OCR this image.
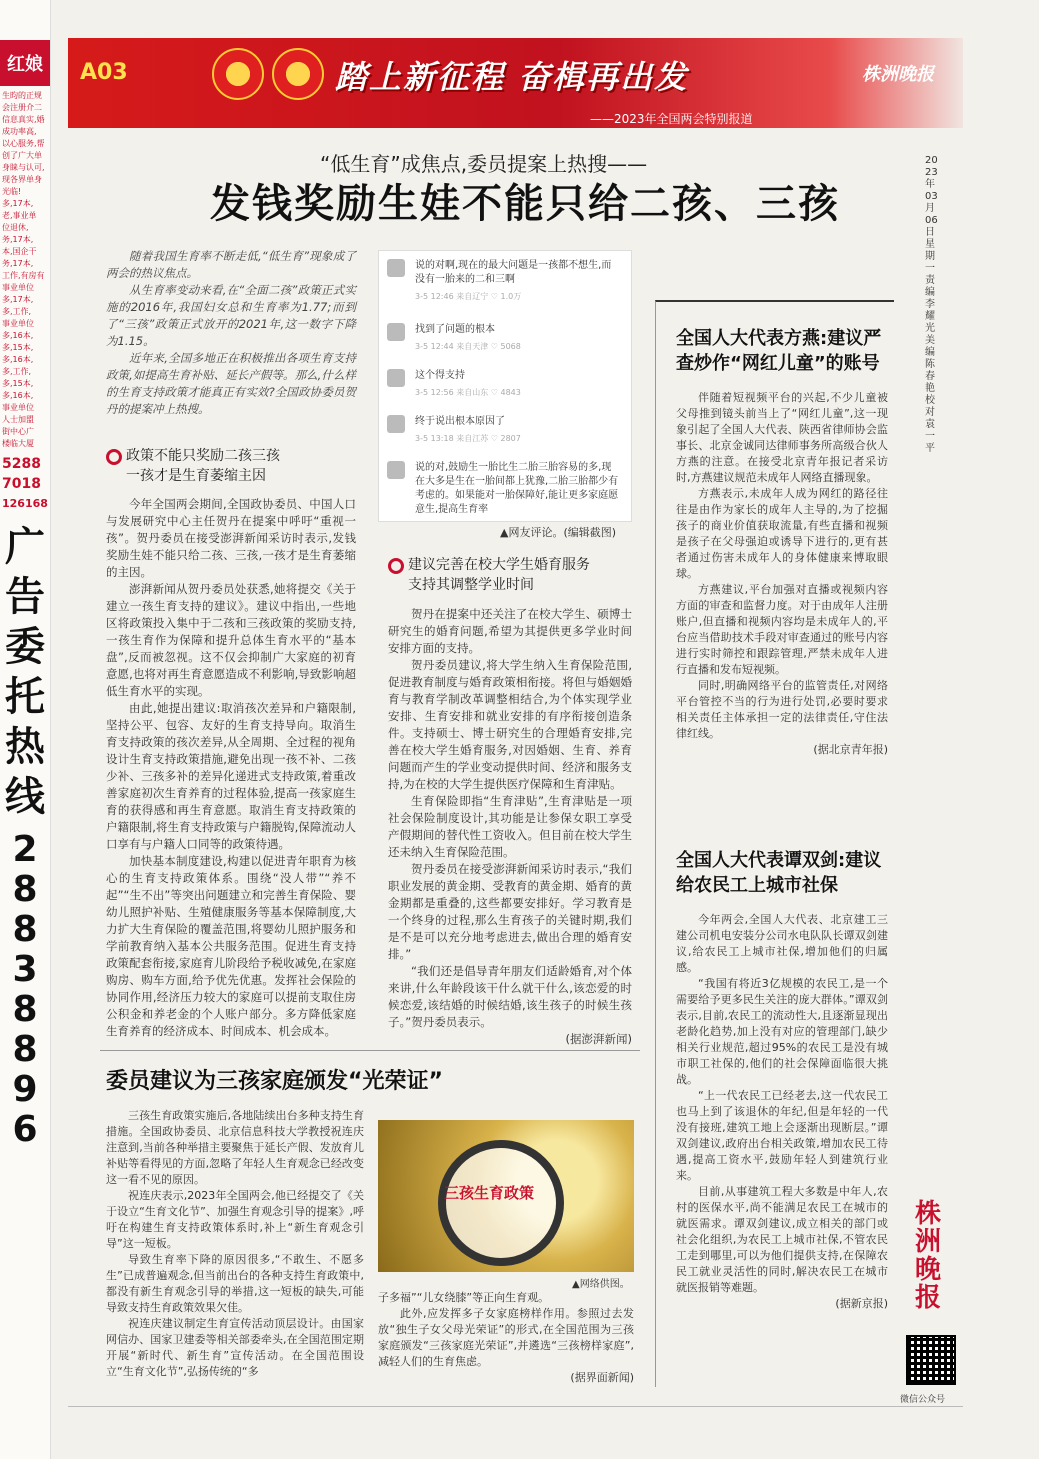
红娘
生昀的正规
会注册介二
信息真实,婚
成功率高,
以心服务,帮
创了广大单
身睐与认可,
现各界单身
光临!
多,17本,
老,事业单
位退休,
务,17本,
本,国企干
务,17本,
工作,有房有
事业单位
多,17本,
多,工作,
事业单位
多,16本,
多,15本,
多,16本,
多,工作,
多,15本,
多,16本,
事业单位
人士加盟
街中心广
楼临大厦
5288
7018
126168
广告委托热线
28838896
A03	踏上新征程 奋楫再出发
——2023年全国两会特别报道
株洲晚报
“低生育”成焦点,委员提案上热搜——
发钱奖励生娃不能只给二孩、三孩
2023年03月06日 星期一 责编李耀光 美编陈春艳 校对袁一平

随着我国生育率不断走低,“低生育”现象成了两会的热议焦点。

从生育率变动来看,在“全面二孩”政策正式实施的2016年,我国妇女总和生育率为1.77;而到了“三孩”政策正式放开的2021年,这一数字下降为1.15。

近年来,全国多地正在积极推出各项生育支持政策,如提高生育补贴、延长产假等。那么,什么样的生育支持政策才能真正有实效?全国政协委员贺丹的提案冲上热搜。

政策不能只奖励二孩三孩
一孩才是生育萎缩主因

今年全国两会期间,全国政协委员、中国人口与发展研究中心主任贺丹在提案中呼吁“重视一孩”。贺丹委员在接受澎湃新闻采访时表示,发钱奖励生娃不能只给二孩、三孩,一孩才是生育萎缩的主因。

澎湃新闻从贺丹委员处获悉,她将提交《关于建立一孩生育支持的建议》。建议中指出,一些地区将政策投入集中于二孩和三孩政策的奖励支持,一孩生育作为保障和提升总体生育水平的“基本盘”,反而被忽视。这不仅会抑制广大家庭的初育意愿,也将对再生育意愿造成不利影响,导致影响超低生育水平的实现。

由此,她提出建议:取消孩次差异和户籍限制,坚持公平、包容、友好的生育支持导向。取消生育支持政策的孩次差异,从全周期、全过程的视角设计生育支持政策措施,避免出现一孩不补、二孩少补、三孩多补的差异化递进式支持政策,着重改善家庭初次生育养育的过程体验,提高一孩家庭生育的获得感和再生育意愿。取消生育支持政策的户籍限制,将生育支持政策与户籍脱钩,保障流动人口享有与户籍人口同等的政策待遇。

加快基本制度建设,构建以促进青年职育为核心的生育支持政策体系。围绕“没人带”“养不起”“生不出”等突出问题建立和完善生育保险、婴幼儿照护补贴、生殖健康服务等基本保障制度,大力扩大生育保险的覆盖范围,将婴幼儿照护服务和学前教育纳入基本公共服务范围。促进生育支持政策配套衔接,家庭育儿阶段给予税收减免,在家庭购房、购车方面,给予优先优惠。发挥社会保险的协同作用,经济压力较大的家庭可以提前支取住房公积金和养老金的个人账户部分。多方降低家庭生育养育的经济成本、时间成本、机会成本。

说的对啊,现在的最大问题是一孩都不想生,而没有一胎来的二和三啊
3-5 12:46 来自辽宁 ♡ 1.0万
找到了问题的根本
3-5 12:44 来自天津 ♡ 5068
这个得支持
3-5 12:56 来自山东 ♡ 4843
终于说出根本原因了
3-5 13:18 来自江苏 ♡ 2807
说的对,鼓励生一胎比生二胎三胎容易的多,现在大多是生在一胎间都上犹豫,二胎三胎都少有考虑的。如果能对一胎保障好,能让更多家庭愿意生,提高生育率
▲网友评论。(编辑截图)
建议完善在校大学生婚育服务
支持其调整学业时间

贺丹在提案中还关注了在校大学生、硕博士研究生的婚育问题,希望为其提供更多学业时间安排方面的支持。

贺丹委员建议,将大学生纳入生育保险范围,促进教育制度与婚育政策相衔接。将但与婚姻婚育与教育学制改革调整相结合,为个体实现学业安排、生育安排和就业安排的有序衔接创造条件。支持硕士、博士研究生的合理婚育安排,完善在校大学生婚育服务,对因婚姻、生育、养育问题而产生的学业变动提供时间、经济和服务支持,为在校的大学生提供医疗保障和生育津贴。

生育保险即指“生育津贴”,生育津贴是一项社会保险制度设计,其功能是让参保女职工享受产假期间的替代性工资收入。但目前在校大学生还未纳入生育保险范围。

贺丹委员在接受澎湃新闻采访时表示,“我们职业发展的黄金期、受教育的黄金期、婚育的黄金期都是重叠的,这些都要安排好。学习教育是一个终身的过程,那么生育孩子的关键时期,我们是不是可以充分地考虑进去,做出合理的婚育安排。”

“我们还是倡导青年朋友们适龄婚育,对个体来讲,什么年龄段该干什么就干什么,该恋爱的时候恋爱,该结婚的时候结婚,该生孩子的时候生孩子。”贺丹委员表示。

(据澎湃新闻)
全国人大代表方燕:建议严查炒作“网红儿童”的账号

伴随着短视频平台的兴起,不少儿童被父母推到镜头前当上了“网红儿童”,这一现象引起了全国人大代表、陕西省律师协会监事长、北京金诚同达律师事务所高级合伙人方燕的注意。在接受北京青年报记者采访时,方燕建议规范未成年人网络直播现象。

方燕表示,未成年人成为网红的路径往往是由作为家长的成年人主导的,为了挖掘孩子的商业价值获取流量,有些直播和视频是孩子在父母强迫或诱导下进行的,更有甚者通过伤害未成年人的身体健康来博取眼球。

方燕建议,平台加强对直播或视频内容方面的审查和监督力度。对于由成年人注册账户,但直播和视频内容均是未成年人的,平台应当借助技术手段对审查通过的账号内容进行实时筛控和跟踪管理,严禁未成年人进行直播和发布短视频。

同时,明确网络平台的监管责任,对网络平台管控不当的行为进行处罚,必要时要求相关责任主体承担一定的法律责任,守住法律红线。

(据北京青年报)
全国人大代表谭双剑:建议给农民工上城市社保

今年两会,全国人大代表、北京建工三建公司机电安装分公司水电队队长谭双剑建议,给农民工上城市社保,增加他们的归属感。

“我国有将近3亿规模的农民工,是一个需要给予更多民生关注的庞大群体。”谭双剑表示,目前,农民工的流动性大,且逐渐显现出老龄化趋势,加上没有对应的管理部门,缺少相关行业规范,超过95%的农民工是没有城市职工社保的,他们的社会保障面临很大挑战。

“上一代农民工已经老去,这一代农民工也马上到了该退休的年纪,但是年轻的一代没有接班,建筑工地上会逐渐出现断层。”谭双剑建议,政府出台相关政策,增加农民工待遇,提高工资水平,鼓励年轻人到建筑行业来。

目前,从事建筑工程大多数是中年人,农村的医保水平,尚不能满足农民工在城市的就医需求。谭双剑建议,成立相关的部门或社会化组织,为农民工上城市社保,不管农民工走到哪里,可以为他们提供支持,在保障农民工就业灵活性的同时,解决农民工在城市就医报销等难题。

(据新京报)
委员建议为三孩家庭颁发“光荣证”

三孩生育政策实施后,各地陆续出台多种支持生育措施。全国政协委员、北京信息科技大学教授祝连庆注意到,当前各种举措主要聚焦于延长产假、发放育儿补贴等看得见的方面,忽略了年轻人生育观念已经改变这一看不见的原因。

祝连庆表示,2023年全国两会,他已经提交了《关于设立“生育文化节”、加强生育观念引导的提案》,呼吁在构建生育支持政策体系时,补上“新生育观念引导”这一短板。

导致生育率下降的原因很多,“不敢生、不愿多生”已成普遍观念,但当前出台的各种支持生育政策中,都没有新生育观念引导的举措,这一短板的缺失,可能导致支持生育政策效果欠佳。

祝连庆建议制定生育宣传活动顶层设计。由国家网信办、国家卫建委等相关部委牵头,在全国范围定期开展“新时代、新生育”宣传活动。在全国范围设立“生育文化节”,弘扬传统的“多

三孩生育政策
▲网络供图。

子多福”“儿女绕膝”等正向生育观。

此外,应发挥多子女家庭榜样作用。参照过去发放“独生子女父母光荣证”的形式,在全国范围为三孩家庭颁发“三孩家庭光荣证”,并遴选“三孩榜样家庭”,减轻人们的生育焦虑。

(据界面新闻)
株洲晚报
微信公众号
